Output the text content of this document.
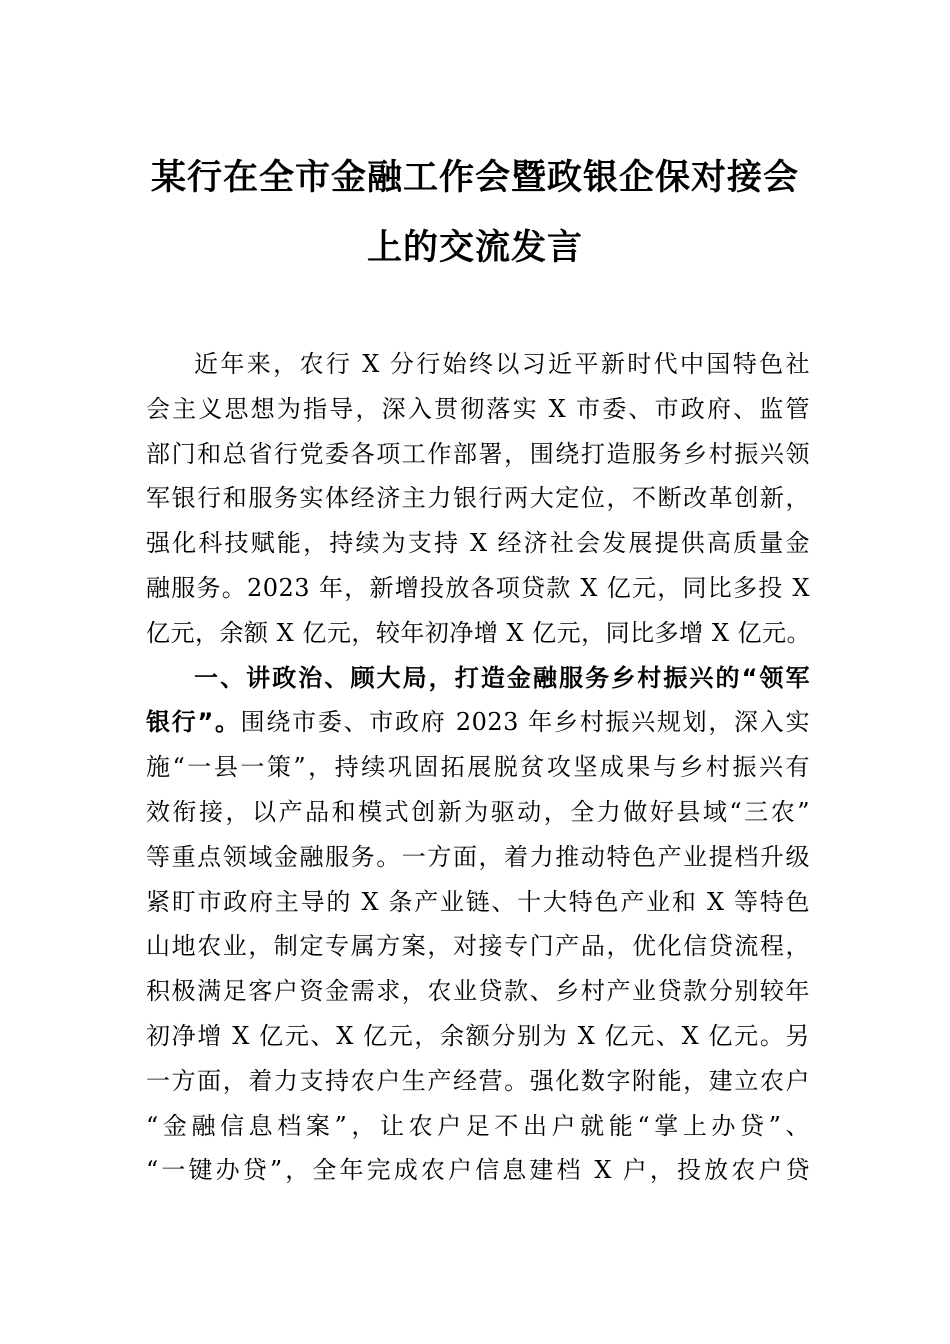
某行在全市金融工作会暨政银企保对接会
上的交流发言
近年来，农行 X 分行始终以习近平新时代中国特色社
会主义思想为指导，深入贯彻落实 X 市委、市政府、监管
部门和总省行党委各项工作部署，围绕打造服务乡村振兴领
军银行和服务实体经济主力银行两大定位，不断改革创新，
强化科技赋能，持续为支持 X 经济社会发展提供高质量金
融服务。2023 年，新增投放各项贷款 X 亿元，同比多投 X
亿元，余额 X 亿元，较年初净增 X 亿元，同比多增 X 亿元。
一、讲政治、顾大局，打造金融服务乡村振兴的“领军
银行”。围绕市委、市政府 2023 年乡村振兴规划，深入实
施“一县一策”，持续巩固拓展脱贫攻坚成果与乡村振兴有
效衔接，以产品和模式创新为驱动，全力做好县域“三农”
等重点领域金融服务。一方面，着力推动特色产业提档升级
紧盯市政府主导的 X 条产业链、十大特色产业和 X 等特色
山地农业，制定专属方案，对接专门产品，优化信贷流程，
积极满足客户资金需求，农业贷款、乡村产业贷款分别较年
初净增 X 亿元、X 亿元，余额分别为 X 亿元、X 亿元。另
一方面，着力支持农户生产经营。强化数字附能，建立农户
“金融信息档案”，让农户足不出户就能“掌上办贷”、
“一键办贷”，全年完成农户信息建档 X 户，投放农户贷
